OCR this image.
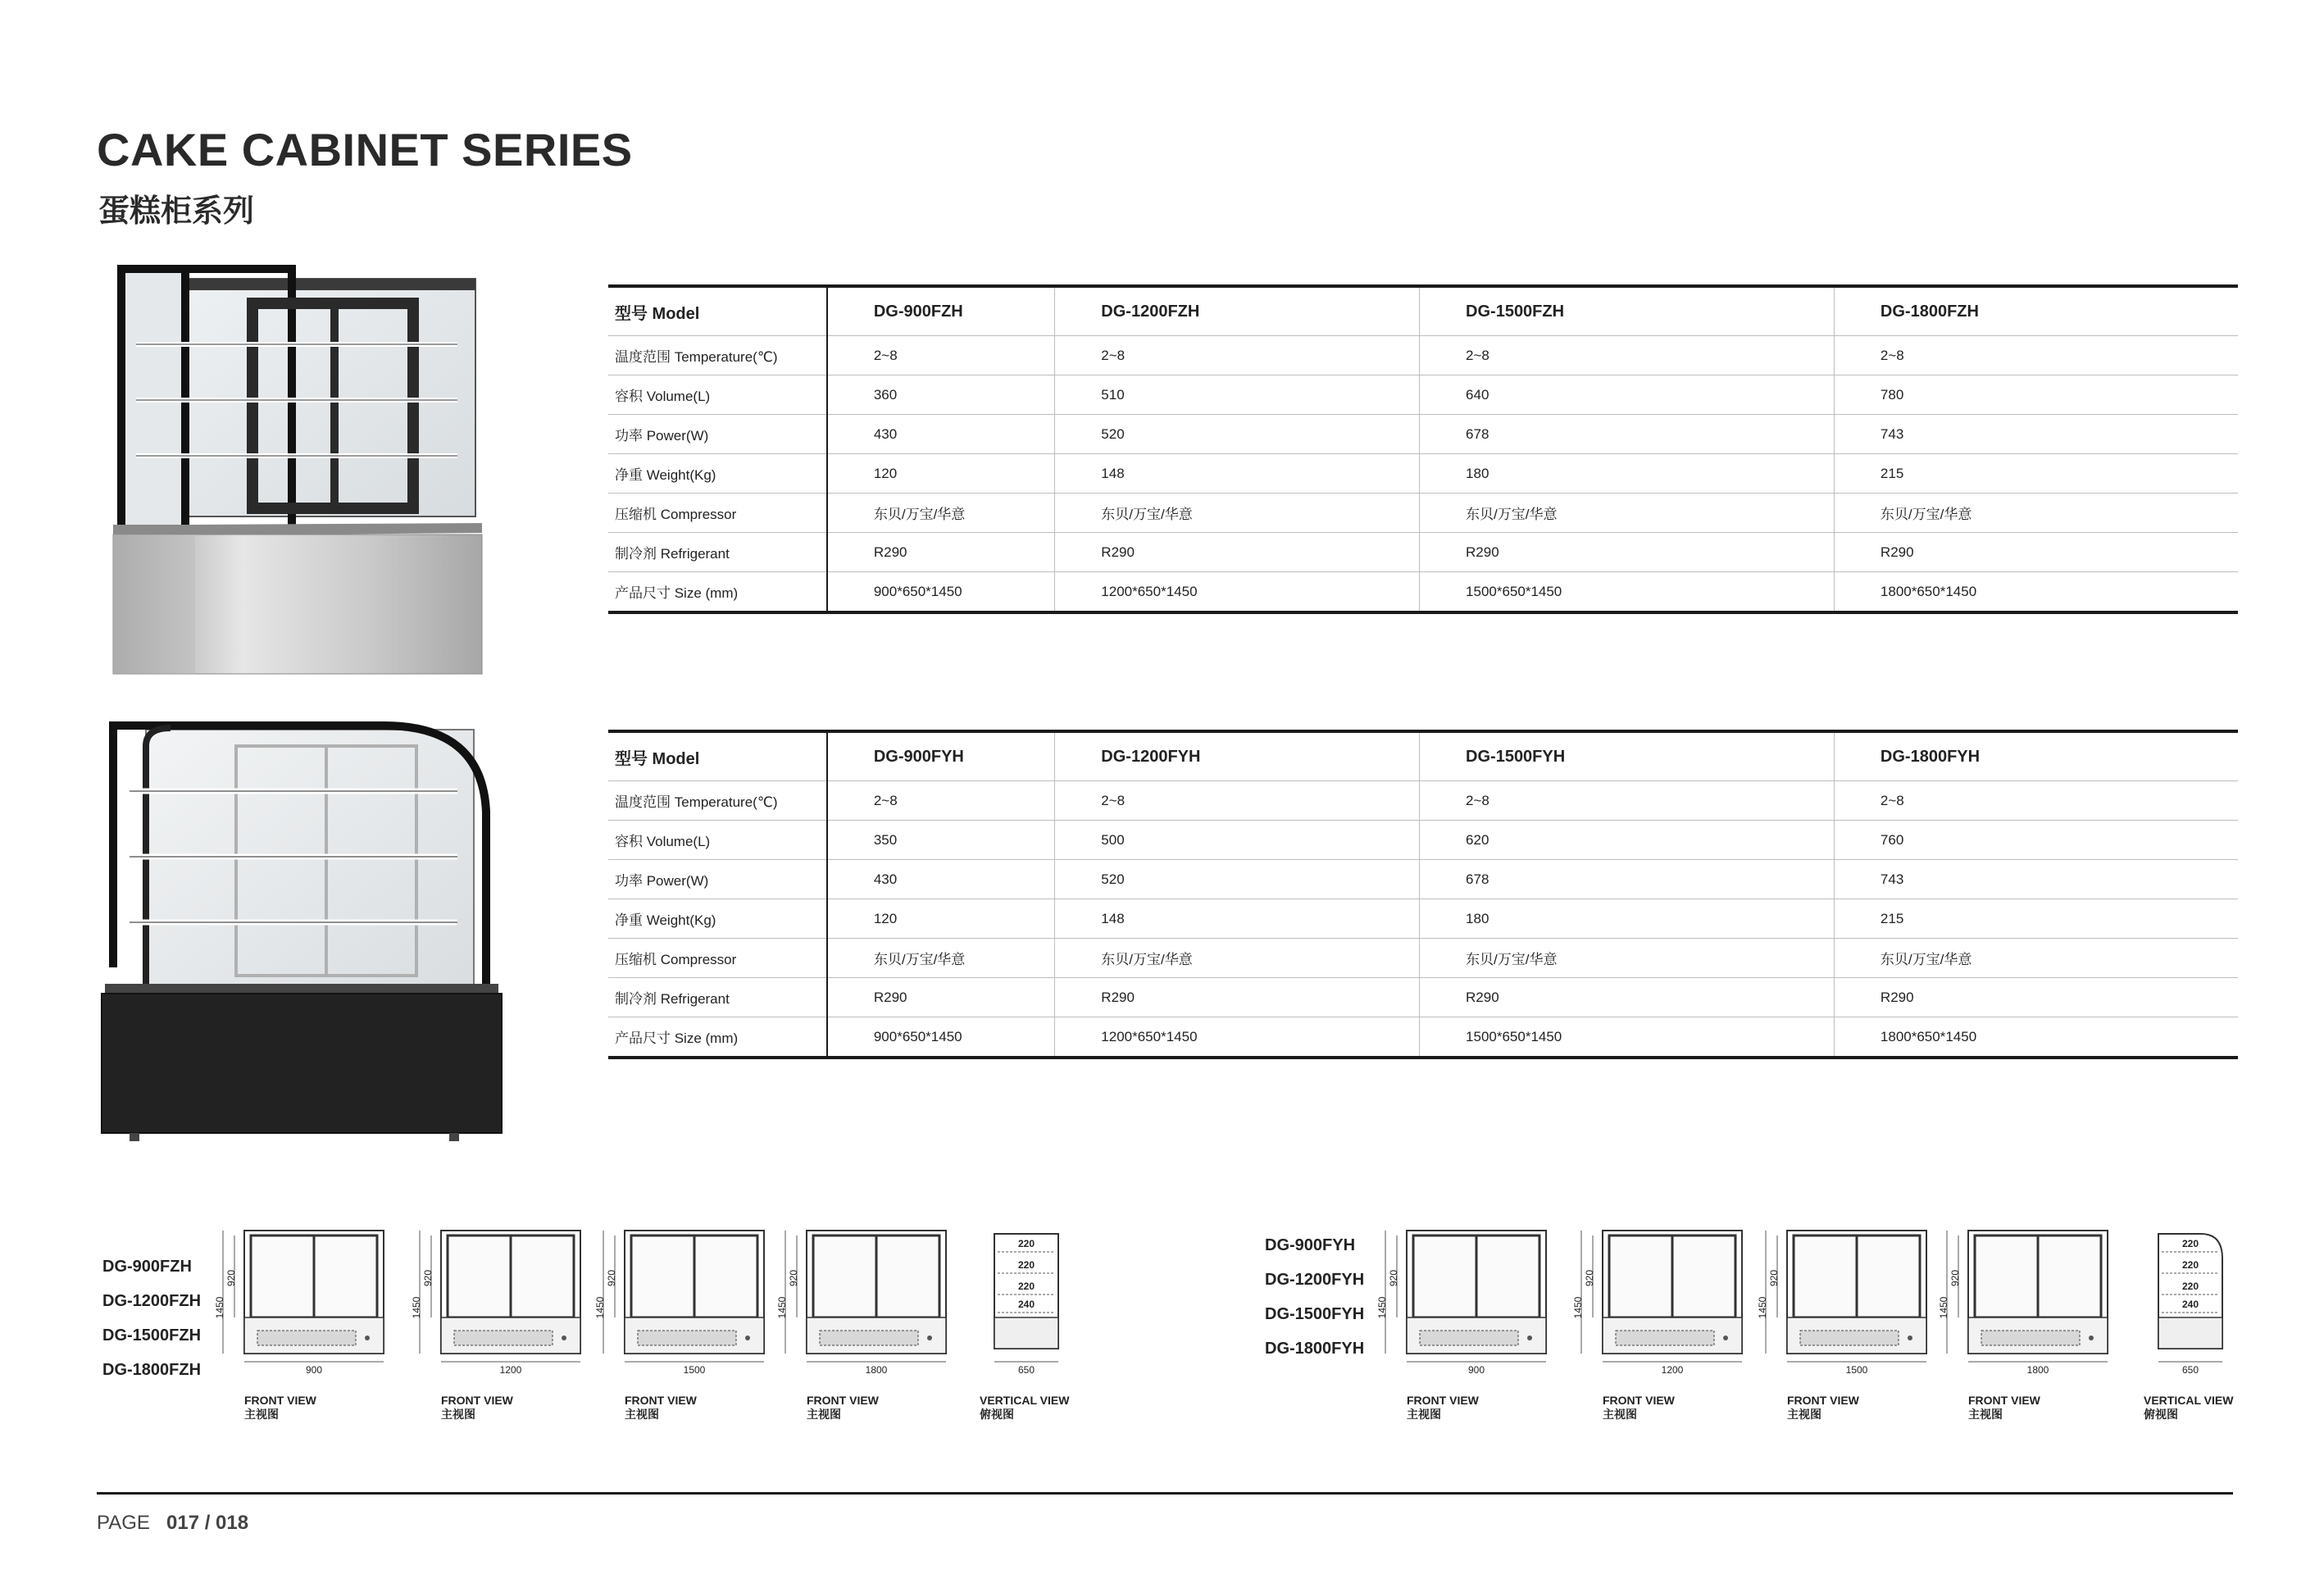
CAKE CABINET SERIES
蛋糕柜系列
型号 Model	DG-900FZH	DG-1200FZH	DG-1500FZH	DG-1800FZH
温度范围 Temperature(℃)	2~8	2~8	2~8	2~8
容积 Volume(L)	360	510	640	780
功率 Power(W)	430	520	678	743
净重 Weight(Kg)	120	148	180	215
压缩机 Compressor	东贝/万宝/华意	东贝/万宝/华意	东贝/万宝/华意	东贝/万宝/华意
制冷剂 Refrigerant	R290	R290	R290	R290
产品尺寸 Size (mm)	900*650*1450	1200*650*1450	1500*650*1450	1800*650*1450
型号 Model	DG-900FYH	DG-1200FYH	DG-1500FYH	DG-1800FYH
温度范围 Temperature(℃)	2~8	2~8	2~8	2~8
容积 Volume(L)	350	500	620	760
功率 Power(W)	430	520	678	743
净重 Weight(Kg)	120	148	180	215
压缩机 Compressor	东贝/万宝/华意	东贝/万宝/华意	东贝/万宝/华意	东贝/万宝/华意
制冷剂 Refrigerant	R290	R290	R290	R290
产品尺寸 Size (mm)	900*650*1450	1200*650*1450	1500*650*1450	1800*650*1450
DG-900FZH
DG-1200FZH
DG-1500FZH
DG-1800FZH
DG-900FYH
DG-1200FYH
DG-1500FYH
DG-1800FYH
1450
920
900
FRONT VIEW
主视图
1450
920
1200
FRONT VIEW
主视图
1450
920
1500
FRONT VIEW
主视图
1450
920
1800
FRONT VIEW
主视图
220
220
220
240
650
VERTICAL VIEW
俯视图
1450
920
900
FRONT VIEW
主视图
1450
920
1200
FRONT VIEW
主视图
1450
920
1500
FRONT VIEW
主视图
1450
920
1800
FRONT VIEW
主视图
220
220
220
240
650
VERTICAL VIEW
俯视图
PAGE 017 / 018
